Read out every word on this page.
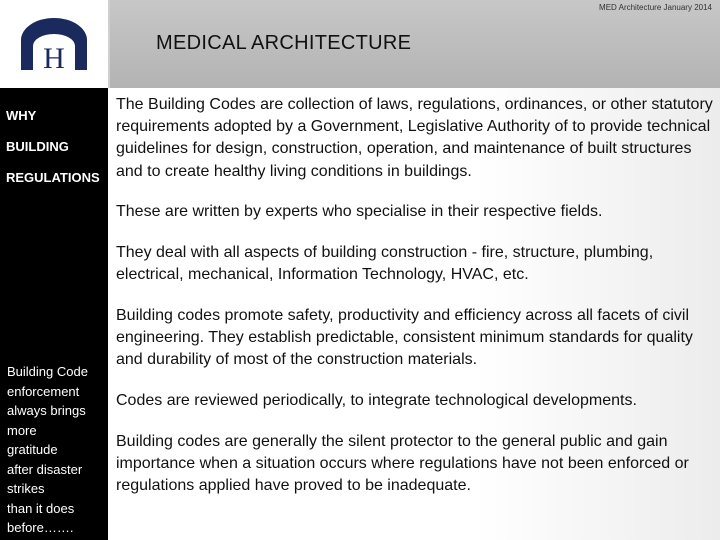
H
MED Architecture January 2014
MEDICAL ARCHITECTURE
WHY
BUILDING
REGULATIONS
Building Code
enforcement
always brings
more
gratitude
after disaster
strikes
than it does
before…….

The Building Codes are collection of laws, regulations, ordinances, or other statutory requirements adopted by a Government, Legislative Authority of to provide technical guidelines for design, construction, operation, and maintenance of built structures and to create healthy living conditions in buildings.

These are written by experts who specialise in their respective fields.

They deal with all aspects of building construction - fire, structure, plumbing, electrical, mechanical, Information Technology, HVAC, etc.

Building codes promote safety, productivity and efficiency across all facets of civil engineering. They establish predictable, consistent minimum standards for quality and durability of most of the construction materials.

Codes are reviewed periodically, to integrate technological developments.

Building codes are generally the silent protector to the general public and gain importance when a situation occurs where regulations have not been enforced or regulations applied have proved to be inadequate.
